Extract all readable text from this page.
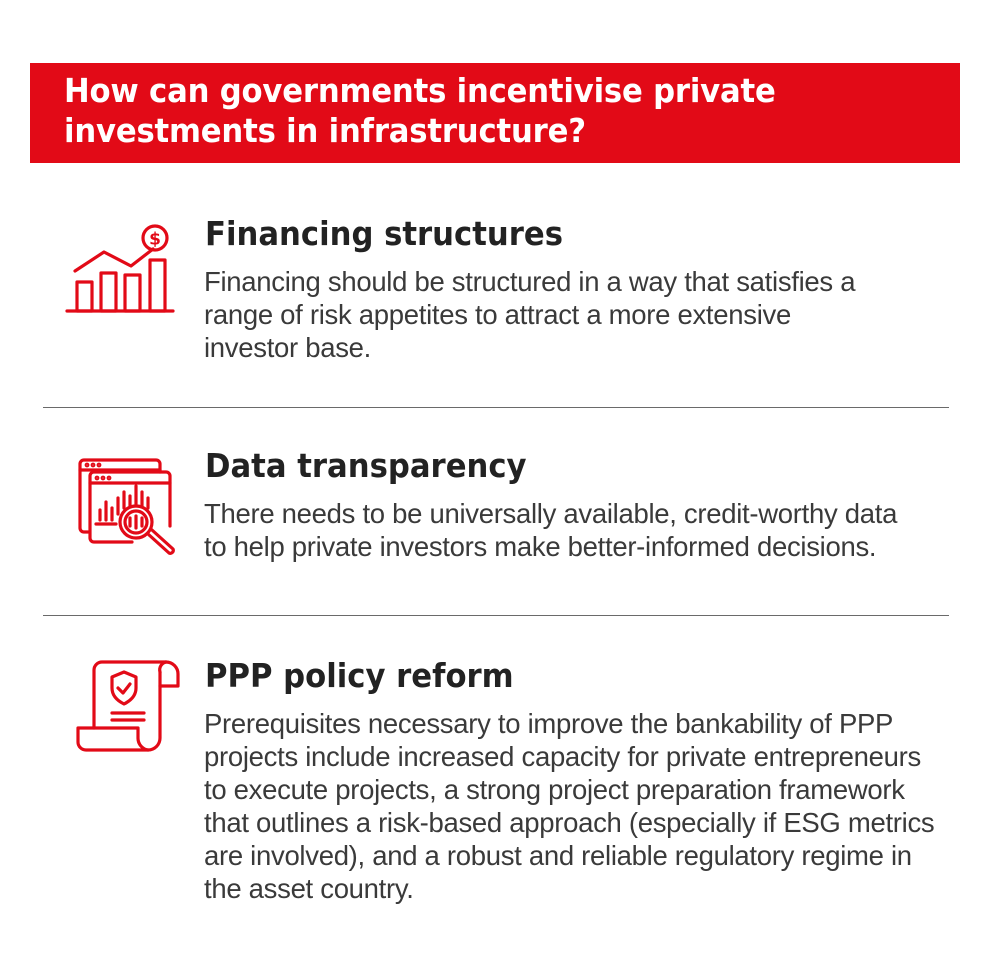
How can governments incentivise private
investments in infrastructure?
$ Financing structures

Financing should be structured in a way that satisfies a
range of risk appetites to attract a more extensive
investor base.

Data transparency

There needs to be universally available, credit-worthy data
to help private investors make better-informed decisions.

PPP policy reform

Prerequisites necessary to improve the bankability of PPP
projects include increased capacity for private entrepreneurs
to execute projects, a strong project preparation framework
that outlines a risk-based approach (especially if ESG metrics
are involved), and a robust and reliable regulatory regime in
the asset country.
